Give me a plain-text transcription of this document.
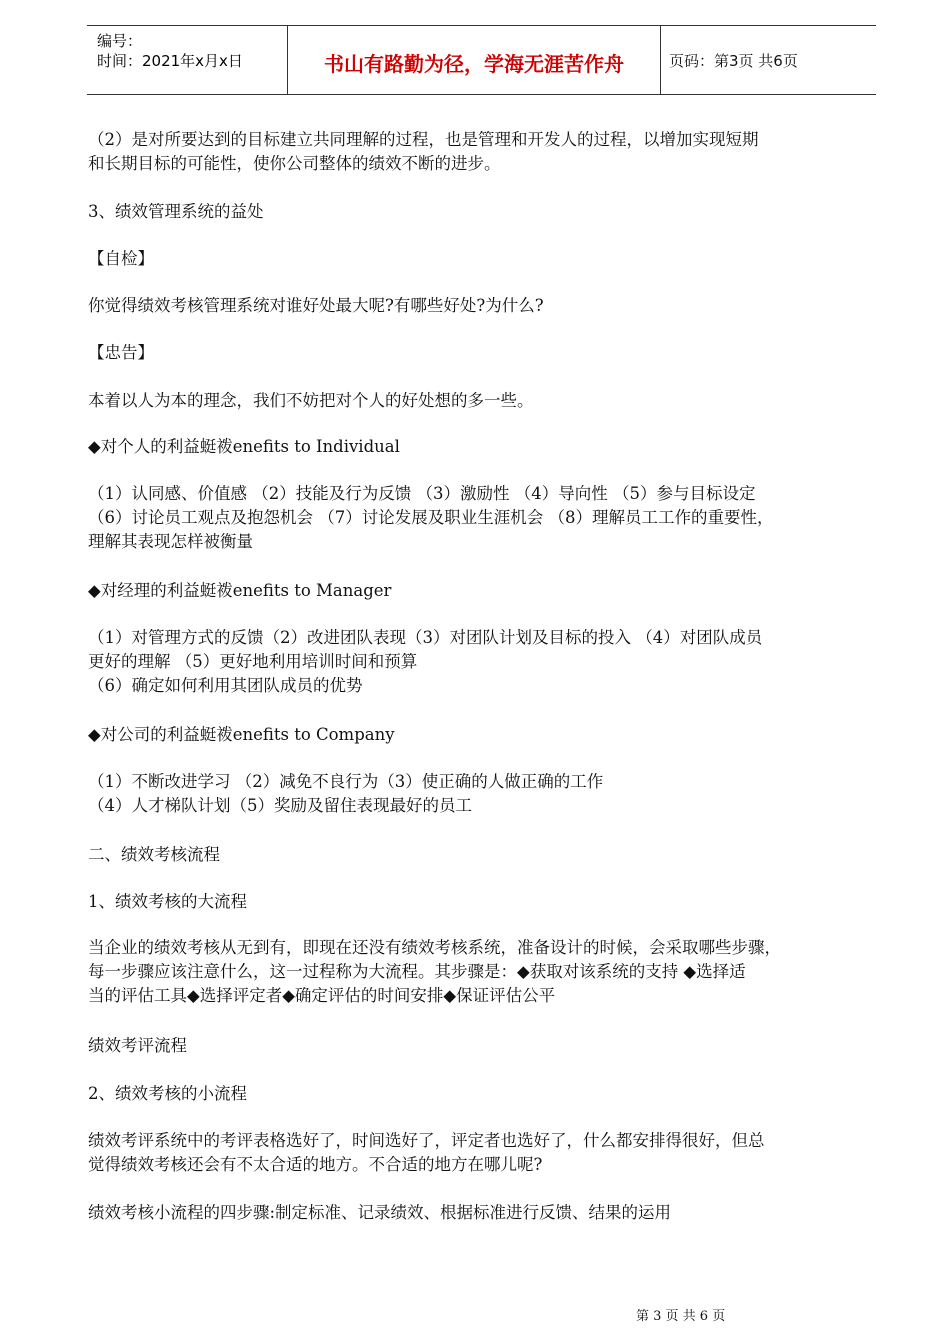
编号：
时间：2021年x月x日	书山有路勤为径，学海无涯苦作舟	页码：第3页 共6页
（2）是对所要达到的目标建立共同理解的过程，也是管理和开发人的过程，以增加实现短期
和长期目标的可能性，使你公司整体的绩效不断的进步。
3、绩效管理系统的益处
【自检】
你觉得绩效考核管理系统对谁好处最大呢?有哪些好处?为什么?
【忠告】
本着以人为本的理念，我们不妨把对个人的好处想的多一些。
◆对个人的利益蜓袯enefits to Individual
（1）认同感、价值感 （2）技能及行为反馈 （3）激励性 （4）导向性 （5）参与目标设定
（6）讨论员工观点及抱怨机会 （7）讨论发展及职业生涯机会 （8）理解员工工作的重要性，
理解其表现怎样被衡量
◆对经理的利益蜓袯enefits to Manager
（1）对管理方式的反馈（2）改进团队表现（3）对团队计划及目标的投入 （4）对团队成员
更好的理解 （5）更好地利用培训时间和预算
（6）确定如何利用其团队成员的优势
◆对公司的利益蜓袯enefits to Company
（1）不断改进学习 （2）减免不良行为（3）使正确的人做正确的工作
（4）人才梯队计划（5）奖励及留住表现最好的员工
二、绩效考核流程
1、绩效考核的大流程
当企业的绩效考核从无到有，即现在还没有绩效考核系统，准备设计的时候，会采取哪些步骤，
每一步骤应该注意什么，这一过程称为大流程。其步骤是：◆获取对该系统的支持 ◆选择适
当的评估工具◆选择评定者◆确定评估的时间安排◆保证评估公平
绩效考评流程
2、绩效考核的小流程
绩效考评系统中的考评表格选好了，时间选好了，评定者也选好了，什么都安排得很好，但总
觉得绩效考核还会有不太合适的地方。不合适的地方在哪儿呢?
绩效考核小流程的四步骤:制定标准、记录绩效、根据标准进行反馈、结果的运用
第 3 页 共 6 页
